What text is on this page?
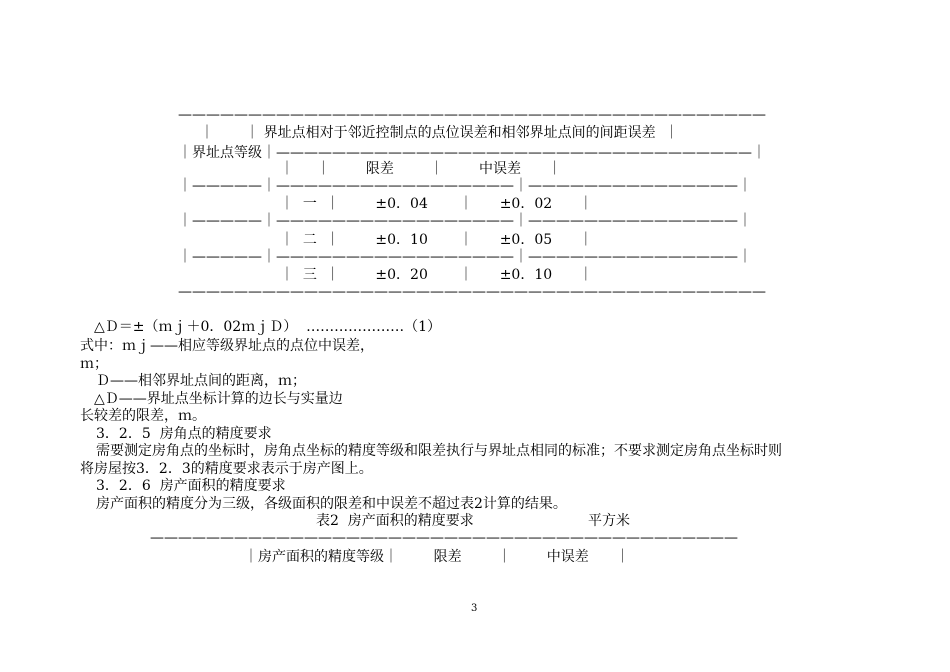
——————————————————————————————————————————
｜       ｜ 界址点相对于邻近控制点的点位误差和相邻界址点间的间距误差  ｜
｜界址点等级｜——————————————————————————————————｜
｜     ｜        限差        ｜        中误差      ｜
｜—————｜—————————————————｜———————————————｜
｜  一  ｜        ±0．04       ｜      ±0．02      ｜
｜—————｜—————————————————｜———————————————｜
｜  二  ｜        ±0．10       ｜      ±0．05      ｜
｜—————｜—————————————————｜———————————————｜
｜  三  ｜        ±0．20       ｜      ±0．10      ｜
——————————————————————————————————————————
△Ｄ＝±（ｍｊ＋0．02ｍｊＤ）  …………………（1）
式中：ｍｊ——相应等级界址点的点位中误差，
ｍ；
Ｄ——相邻界址点间的距离，ｍ；
△Ｄ——界址点坐标计算的边长与实量边
长较差的限差，ｍ。
3．2．5  房角点的精度要求
需要测定房角点的坐标时，房角点坐标的精度等级和限差执行与界址点相同的标准；不要求测定房角点坐标时则
将房屋按3．2．3的精度要求表示于房产图上。
3．2．6  房产面积的精度要求
房产面积的精度分为三级，各级面积的限差和中误差不超过表2计算的结果。
表2  房产面积的精度要求	平方米
——————————————————————————————————————————
｜房产面积的精度等级｜        限差        ｜        中误差      ｜
3
